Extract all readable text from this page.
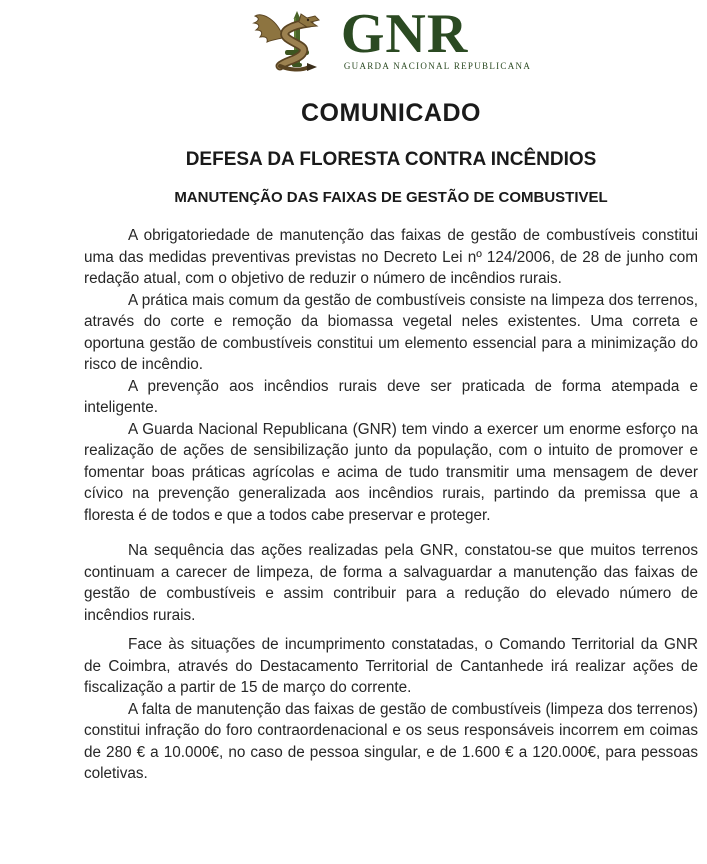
GNR
GUARDA NACIONAL REPUBLICANA
COMUNICADO
DEFESA DA FLORESTA CONTRA INCÊNDIOS
MANUTENÇÃO DAS FAIXAS DE GESTÃO DE COMBUSTIVEL

A obrigatoriedade de manutenção das faixas de gestão de combustíveis constitui uma das medidas preventivas previstas no Decreto Lei nº 124/2006, de 28 de junho com redação atual, com o objetivo de reduzir o número de incêndios rurais.

A prática mais comum da gestão de combustíveis consiste na limpeza dos terrenos, através do corte e remoção da biomassa vegetal neles existentes. Uma correta e oportuna gestão de combustíveis constitui um elemento essencial para a minimização do risco de incêndio.

A prevenção aos incêndios rurais deve ser praticada de forma atempada e inteligente.

A Guarda Nacional Republicana (GNR) tem vindo a exercer um enorme esforço na realização de ações de sensibilização junto da população, com o intuito de promover e fomentar boas práticas agrícolas e acima de tudo transmitir uma mensagem de dever cívico na prevenção generalizada aos incêndios rurais, partindo da premissa que a floresta é de todos e que a todos cabe preservar e proteger.

Na sequência das ações realizadas pela GNR, constatou-se que muitos terrenos continuam a carecer de limpeza, de forma a salvaguardar a manutenção das faixas de gestão de combustíveis e assim contribuir para a redução do elevado número de incêndios rurais.

Face às situações de incumprimento constatadas, o Comando Territorial da GNR de Coimbra, através do Destacamento Territorial de Cantanhede irá realizar ações de fiscalização a partir de 15 de março do corrente.

A falta de manutenção das faixas de gestão de combustíveis (limpeza dos terrenos) constitui infração do foro contraordenacional e os seus responsáveis incorrem em coimas de 280 € a 10.000€, no caso de pessoa singular, e de 1.600 € a 120.000€, para pessoas coletivas.
